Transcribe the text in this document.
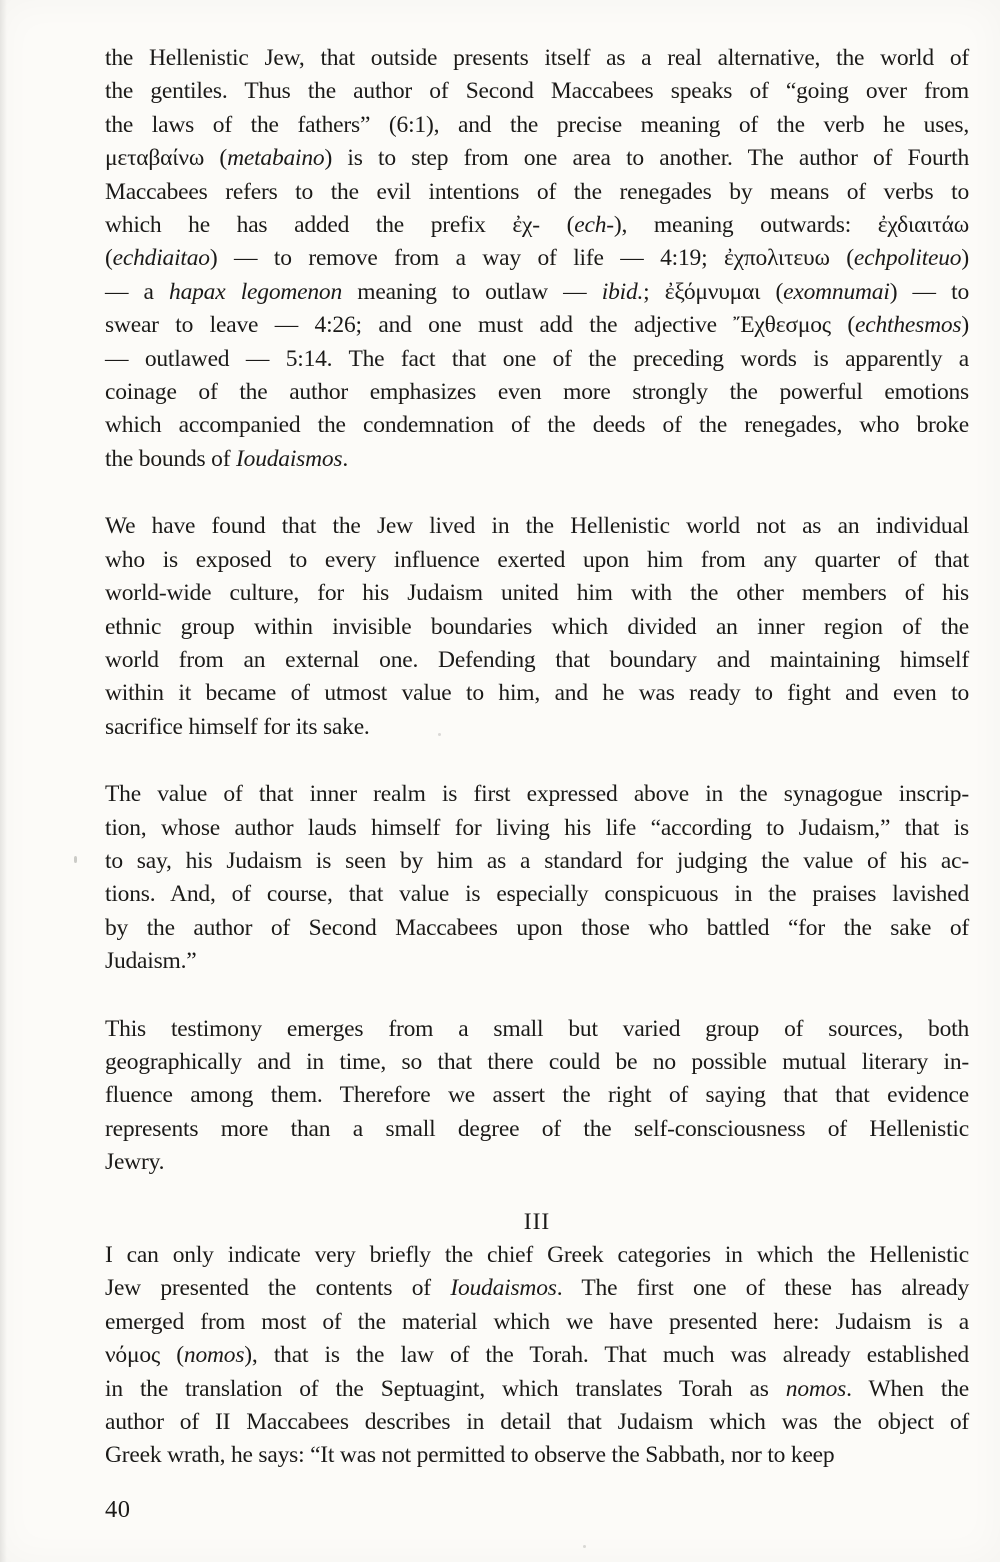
the Hellenistic Jew, that outside presents itself as a real alternative, the world of
the gentiles. Thus the author of Second Maccabees speaks of “going over from
the laws of the fathers” (6:1), and the precise meaning of the verb he uses,
μεταβαίνω (metabaino) is to step from one area to another. The author of Fourth
Maccabees refers to the evil intentions of the renegades by means of verbs to
which he has added the prefix ἐχ- (ech-), meaning outwards: ἐχδιαιτάω
(echdiaitao) — to remove from a way of life — 4:19; ἐχπολιτευω (echpoliteuo)
— a hapax legomenon meaning to outlaw — ibid.; ἐξόμνυμαι (exomnumai) — to
swear to leave — 4:26; and one must add the adjective Ἔχθεσμος (echthesmos)
— outlawed — 5:14. The fact that one of the preceding words is apparently a
coinage of the author emphasizes even more strongly the powerful emotions
which accompanied the condemnation of the deeds of the renegades, who broke
the bounds of Ioudaismos.
We have found that the Jew lived in the Hellenistic world not as an individual
who is exposed to every influence exerted upon him from any quarter of that
world-wide culture, for his Judaism united him with the other members of his
ethnic group within invisible boundaries which divided an inner region of the
world from an external one. Defending that boundary and maintaining himself
within it became of utmost value to him, and he was ready to fight and even to
sacrifice himself for its sake.
The value of that inner realm is first expressed above in the synagogue inscrip-
tion, whose author lauds himself for living his life “according to Judaism,” that is
to say, his Judaism is seen by him as a standard for judging the value of his ac-
tions. And, of course, that value is especially conspicuous in the praises lavished
by the author of Second Maccabees upon those who battled “for the sake of
Judaism.”
This testimony emerges from a small but varied group of sources, both
geographically and in time, so that there could be no possible mutual literary in-
fluence among them. Therefore we assert the right of saying that that evidence
represents more than a small degree of the self-consciousness of Hellenistic
Jewry.
III
I can only indicate very briefly the chief Greek categories in which the Hellenistic
Jew presented the contents of Ioudaismos. The first one of these has already
emerged from most of the material which we have presented here: Judaism is a
νόμος (nomos), that is the law of the Torah. That much was already established
in the translation of the Septuagint, which translates Torah as nomos. When the
author of II Maccabees describes in detail that Judaism which was the object of
Greek wrath, he says: “It was not permitted to observe the Sabbath, nor to keep
40
